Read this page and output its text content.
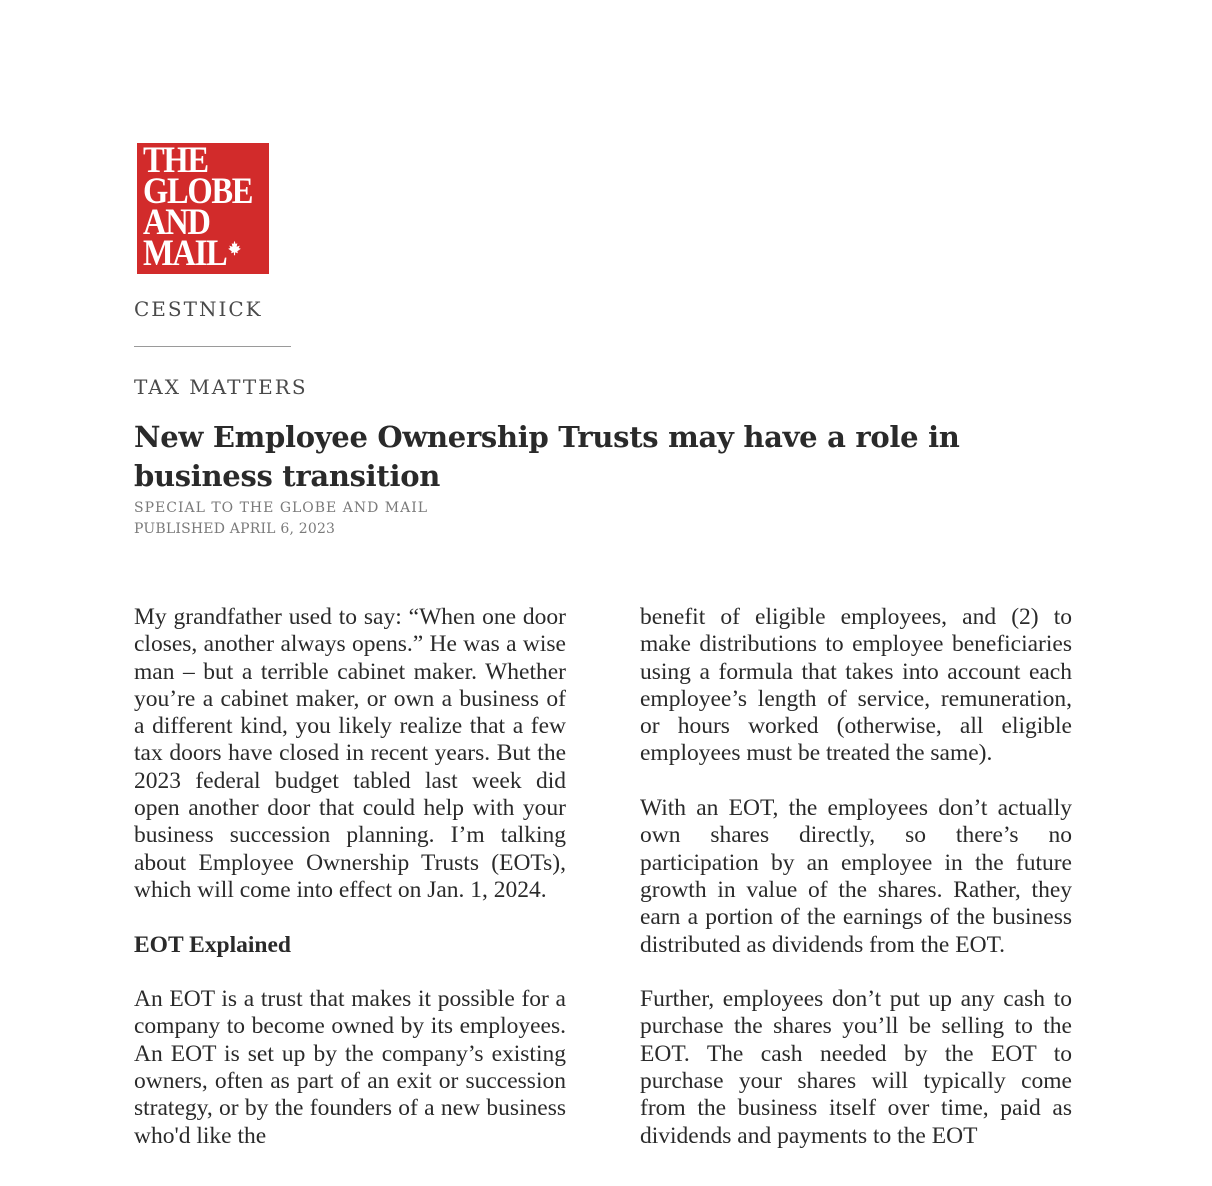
THE
GLOBE
AND
MAIL
CESTNICK
TAX MATTERS
New Employee Ownership Trusts may have a role in business transition
SPECIAL TO THE GLOBE AND MAIL
PUBLISHED APRIL 6, 2023

My grandfather used to say: “When one door closes, another always opens.” He was a wise man – but a terrible cabinet maker. Whether you’re a cabinet maker, or own a business of a different kind, you likely realize that a few tax doors have closed in recent years. But the 2023 federal budget tabled last week did open another door that could help with your business succession planning. I’m talking about Employee Ownership Trusts (EOTs), which will come into effect on Jan. 1, 2024.

EOT Explained

An EOT is a trust that makes it possible for a company to become owned by its employees. An EOT is set up by the company’s existing owners, often as part of an exit or succession strategy, or by the founders of a new business who'd like the

benefit of eligible employees, and (2) to make distributions to employee beneficiaries using a formula that takes into account each employee’s length of service, remuneration, or hours worked (otherwise, all eligible employees must be treated the same).

With an EOT, the employees don’t actually own shares directly, so there’s no participation by an employee in the future growth in value of the shares. Rather, they earn a portion of the earnings of the business distributed as dividends from the EOT.

Further, employees don’t put up any cash to purchase the shares you’ll be selling to the EOT. The cash needed by the EOT to purchase your shares will typically come from the business itself over time, paid as dividends and payments to the EOT
